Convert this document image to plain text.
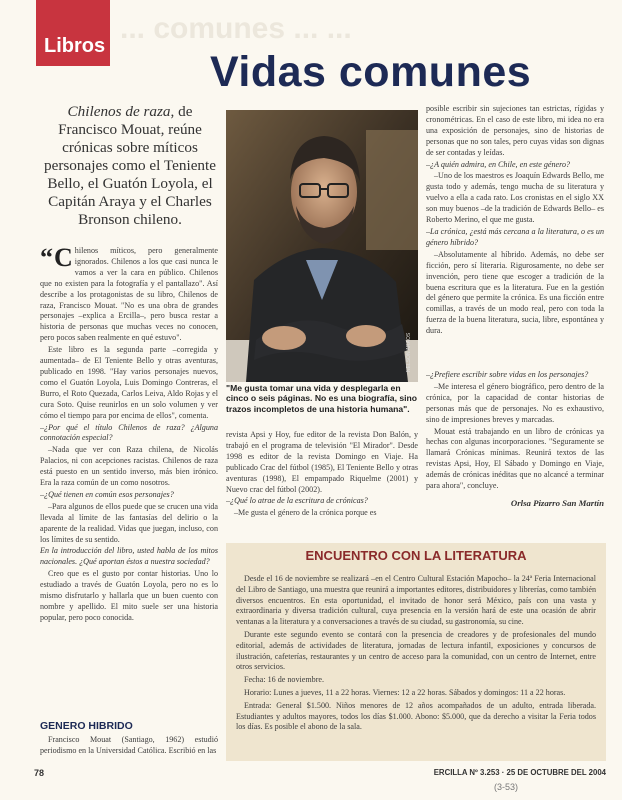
Libros
... comunes ... ...
Vidas comunes
Chilenos de raza, de Francisco Mouat, reúne crónicas sobre míticos personajes como el Teniente Bello, el Guatón Loyola, el Capitán Araya y el Charles Bronson chileno.
NELSON ARAOS
"Me gusta tomar una vida y desplegarla en cinco o seis páginas. No es una biografía, sino trazos incompletos de una historia humana".

“ C hilenos míticos, pero generalmente ignorados. Chilenos a los que casi nunca le vamos a ver la cara en público. Chilenos que no existen para la fotografía y el pantallazo". Así describe a los protagonistas de su libro, Chilenos de raza, Francisco Mouat. "No es una obra de grandes personajes –explica a Ercilla–, pero busca restar a historia de personas que muchas veces no conocen, pero pocos saben realmente en qué estuvo".

Este libro es la segunda parte –corregida y aumentada– de El Teniente Bello y otras aventuras, publicado en 1998. "Hay varios personajes nuevos, como el Guatón Loyola, Luis Domingo Contreras, el Burro, el Roto Quezada, Carlos Leiva, Aldo Rojas y el cura Soto. Quise reunirlos en un solo volumen y ver cómo el tiempo para por encima de ellos", comenta.

–¿Por qué el título Chilenos de raza? ¿Alguna connotación especial?

–Nada que ver con Raza chilena, de Nicolás Palacios, ni con acepciones racistas. Chilenos de raza está puesto en un sentido inverso, más bien irónico. Era la raza común de un como nosotros.

–¿Qué tienen en común esos personajes?

–Para algunos de ellos puede que se crucen una vida llevada al límite de las fantasías del delirio o la aparente de la realidad. Vidas que juegan, incluso, con los límites de su sentido.

En la introducción del libro, usted habla de los mitos nacionales. ¿Qué aportan éstos a nuestra sociedad?

Creo que es el gusto por contar historias. Uno lo estudiado a través de Guatón Loyola, pero no es lo mismo disfrutarlo y hallarla que un buen cuento con nombre y apellido. El mito suele ser una historia popular, pero poco conocida.

GENERO HIBRIDO

Francisco Mouat (Santiago, 1962) estudió periodismo en la Universidad Católica. Escribió en las

revista Apsi y Hoy, fue editor de la revista Don Balón, y trabajó en el programa de televisión "El Mirador". Desde 1998 es editor de la revista Domingo en Viaje. Ha publicado Crac del fútbol (1985), El Teniente Bello y otras aventuras (1998), El empampado Riquelme (2001) y Nuevo crac del fútbol (2002).

–¿Qué lo atrae de la escritura de crónicas?

–Me gusta el género de la crónica porque es

posible escribir sin sujeciones tan estrictas, rígidas y cronométricas. En el caso de este libro, mi idea no era una exposición de personajes, sino de historias de personas que no son tales, pero cuyas vidas son dignas de ser contadas y leídas.

–¿A quién admira, en Chile, en este género?

–Uno de los maestros es Joaquín Edwards Bello, me gusta todo y además, tengo mucha de su literatura y vuelvo a ella a cada rato. Los cronistas en el siglo XX son muy buenos –de la tradición de Edwards Bello– es Roberto Merino, el que me gusta.

–La crónica, ¿está más cercana a la literatura, o es un género híbrido?

–Absolutamente al híbrido. Además, no debe ser ficción, pero sí literaria. Rigurosamente, no debe ser invención, pero tiene que escoger a tradición de la buena escritura que es la literatura. Fue en la gestión del género que permite la crónica. Es una ficción entre comillas, a través de un modo real, pero con toda la fuerza de la buena literatura, sucia, libre, espontánea y dura.

–¿Prefiere escribir sobre vidas en los personajes?

–Me interesa el género biográfico, pero dentro de la crónica, por la capacidad de contar historias de personas más que de personajes. No es exhaustivo, sino de impresiones breves y marcadas.

Mouat está trabajando en un libro de crónicas ya hechas con algunas incorporaciones. "Seguramente se llamará Crónicas mínimas. Reunirá textos de las revistas Apsi, Hoy, El Sábado y Domingo en Viaje, además de crónicas inéditas que no alcancé a terminar para ahora", concluye.

Orlsa Pizarro San Martín
ENCUENTRO CON LA LITERATURA

Desde el 16 de noviembre se realizará –en el Centro Cultural Estación Mapocho– la 24ª Feria Internacional del Libro de Santiago, una muestra que reunirá a importantes editores, distribuidores y librerías, como también diversos encuentros. En esta oportunidad, el invitado de honor será México, país con una vasta y extraordinaria y diversa tradición cultural, cuya presencia en la versión hará de este una ocasión de abrir ventanas a la literatura y a conversaciones a través de su ciudad, su gastronomía, su cine.

Durante este segundo evento se contará con la presencia de creadores y de profesionales del mundo editorial, además de actividades de literatura, jornadas de lectura infantil, exposiciones y concursos de ilustración, cafeterías, restaurantes y un centro de acceso para la comunidad, con un centro de Internet, entre otros servicios.

Fecha: 16 de noviembre.

Horario: Lunes a jueves, 11 a 22 horas. Viernes: 12 a 22 horas. Sábados y domingos: 11 a 22 horas.

Entrada: General $1.500. Niños menores de 12 años acompañados de un adulto, entrada liberada. Estudiantes y adultos mayores, todos los días $1.000. Abono: $5.000, que da derecho a visitar la Feria todos los días. Es posible el abono de la sala.

78	ERCILLA Nº 3.253 · 25 DE OCTUBRE DEL 2004
(3-53)
